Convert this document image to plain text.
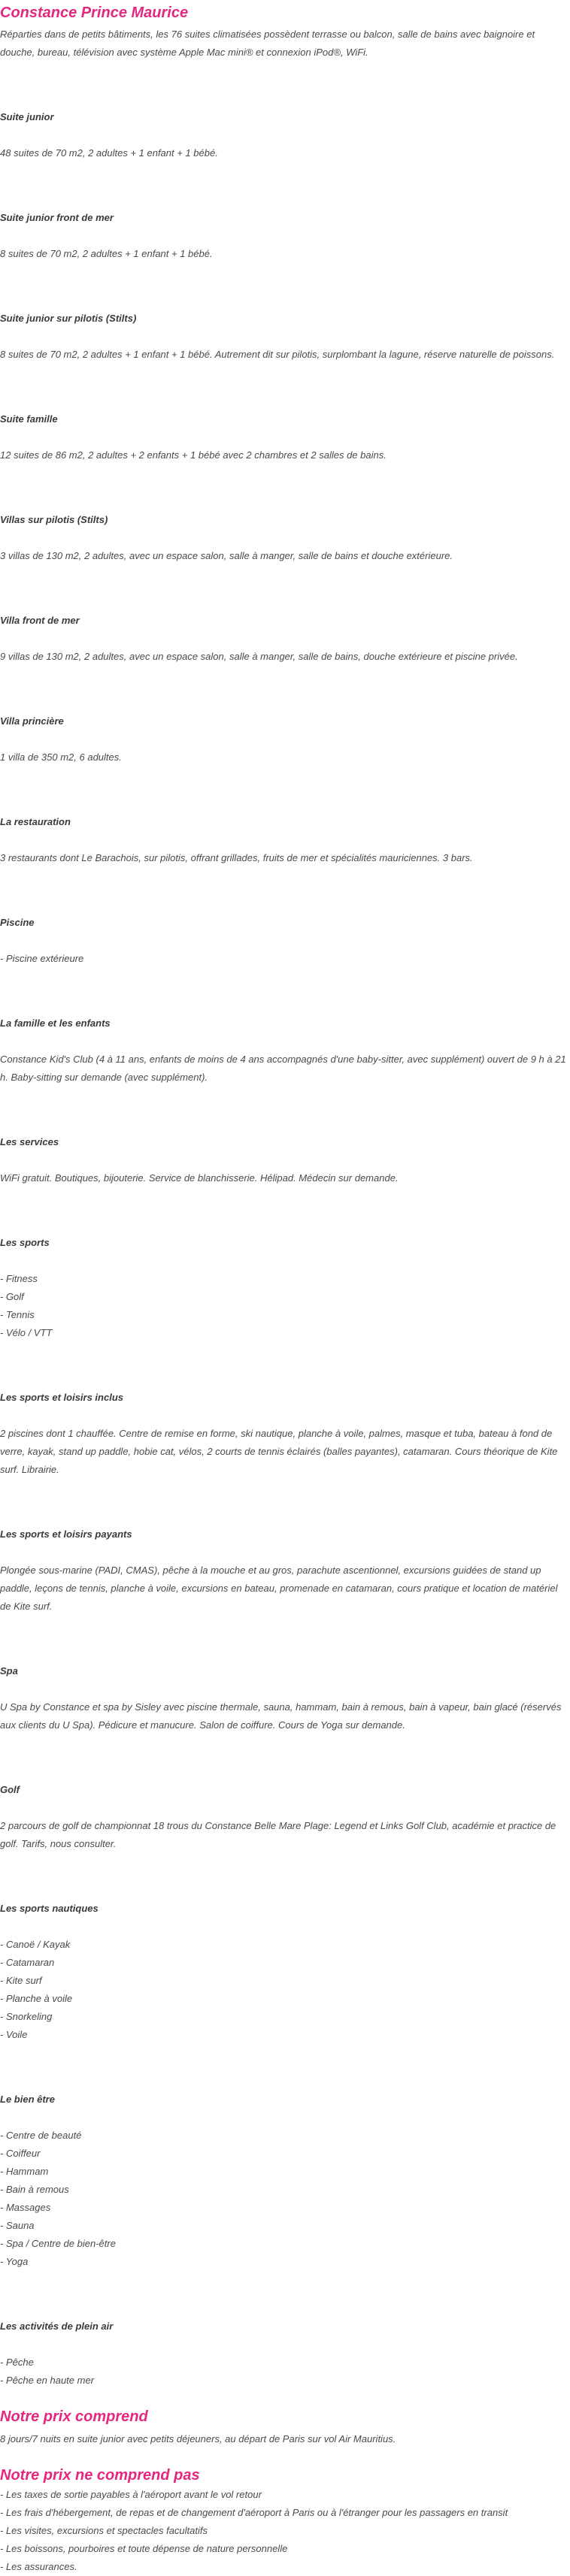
Constance Prince Maurice

Réparties dans de petits bâtiments, les 76 suites climatisées possèdent terrasse ou balcon, salle de bains avec baignoire et douche, bureau, télévision avec système Apple Mac mini® et connexion iPod®, WiFi.

Suite junior

48 suites de 70 m2, 2 adultes + 1 enfant + 1 bébé.

Suite junior front de mer

8 suites de 70 m2, 2 adultes + 1 enfant + 1 bébé.

Suite junior sur pilotis (Stilts)

8 suites de 70 m2, 2 adultes + 1 enfant + 1 bébé. Autrement dit sur pilotis, surplombant la lagune, réserve naturelle de poissons.

Suite famille

12 suites de 86 m2, 2 adultes + 2 enfants + 1 bébé avec 2 chambres et 2 salles de bains.

Villas sur pilotis (Stilts)

3 villas de 130 m2, 2 adultes, avec un espace salon, salle à manger, salle de bains et douche extérieure.

Villa front de mer

9 villas de 130 m2, 2 adultes, avec un espace salon, salle à manger, salle de bains, douche extérieure et piscine privée.

Villa princière

1 villa de 350 m2, 6 adultes.

La restauration

3 restaurants dont Le Barachois, sur pilotis, offrant grillades, fruits de mer et spécialités mauriciennes. 3 bars.

Piscine

- Piscine extérieure

La famille et les enfants

Constance Kid's Club (4 à 11 ans, enfants de moins de 4 ans accompagnés d'une baby-sitter, avec supplément) ouvert de 9 h à 21 h. Baby-sitting sur demande (avec supplément).

Les services

WiFi gratuit. Boutiques, bijouterie. Service de blanchisserie. Hélipad. Médecin sur demande.

Les sports

- Fitness
- Golf
- Tennis
- Vélo / VTT

Les sports et loisirs inclus

2 piscines dont 1 chauffée. Centre de remise en forme, ski nautique, planche à voile, palmes, masque et tuba, bateau à fond de verre, kayak, stand up paddle, hobie cat, vélos, 2 courts de tennis éclairés (balles payantes), catamaran. Cours théorique de Kite surf. Librairie.

Les sports et loisirs payants

Plongée sous-marine (PADI, CMAS), pêche à la mouche et au gros, parachute ascentionnel, excursions guidées de stand up paddle, leçons de tennis, planche à voile, excursions en bateau, promenade en catamaran, cours pratique et location de matériel de Kite surf.

Spa

U Spa by Constance et spa by Sisley avec piscine thermale, sauna, hammam, bain à remous, bain à vapeur, bain glacé (réservés aux clients du U Spa). Pédicure et manucure. Salon de coiffure. Cours de Yoga sur demande.

Golf

2 parcours de golf de championnat 18 trous du Constance Belle Mare Plage: Legend et Links Golf Club, académie et practice de golf. Tarifs, nous consulter.

Les sports nautiques

- Canoë / Kayak
- Catamaran
- Kite surf
- Planche à voile
- Snorkeling
- Voile

Le bien être

- Centre de beauté
- Coiffeur
- Hammam
- Bain à remous
- Massages
- Sauna
- Spa / Centre de bien-être
- Yoga

Les activités de plein air

- Pêche
- Pêche en haute mer
Notre prix comprend

8 jours/7 nuits en suite junior avec petits déjeuners, au départ de Paris sur vol Air Mauritius.

Notre prix ne comprend pas
- Les taxes de sortie payables à l'aéroport avant le vol retour
- Les frais d'hébergement, de repas et de changement d'aéroport à Paris ou à l'étranger pour les passagers en transit
- Les visites, excursions et spectacles facultatifs
- Les boissons, pourboires et toute dépense de nature personnelle
- Les assurances.
